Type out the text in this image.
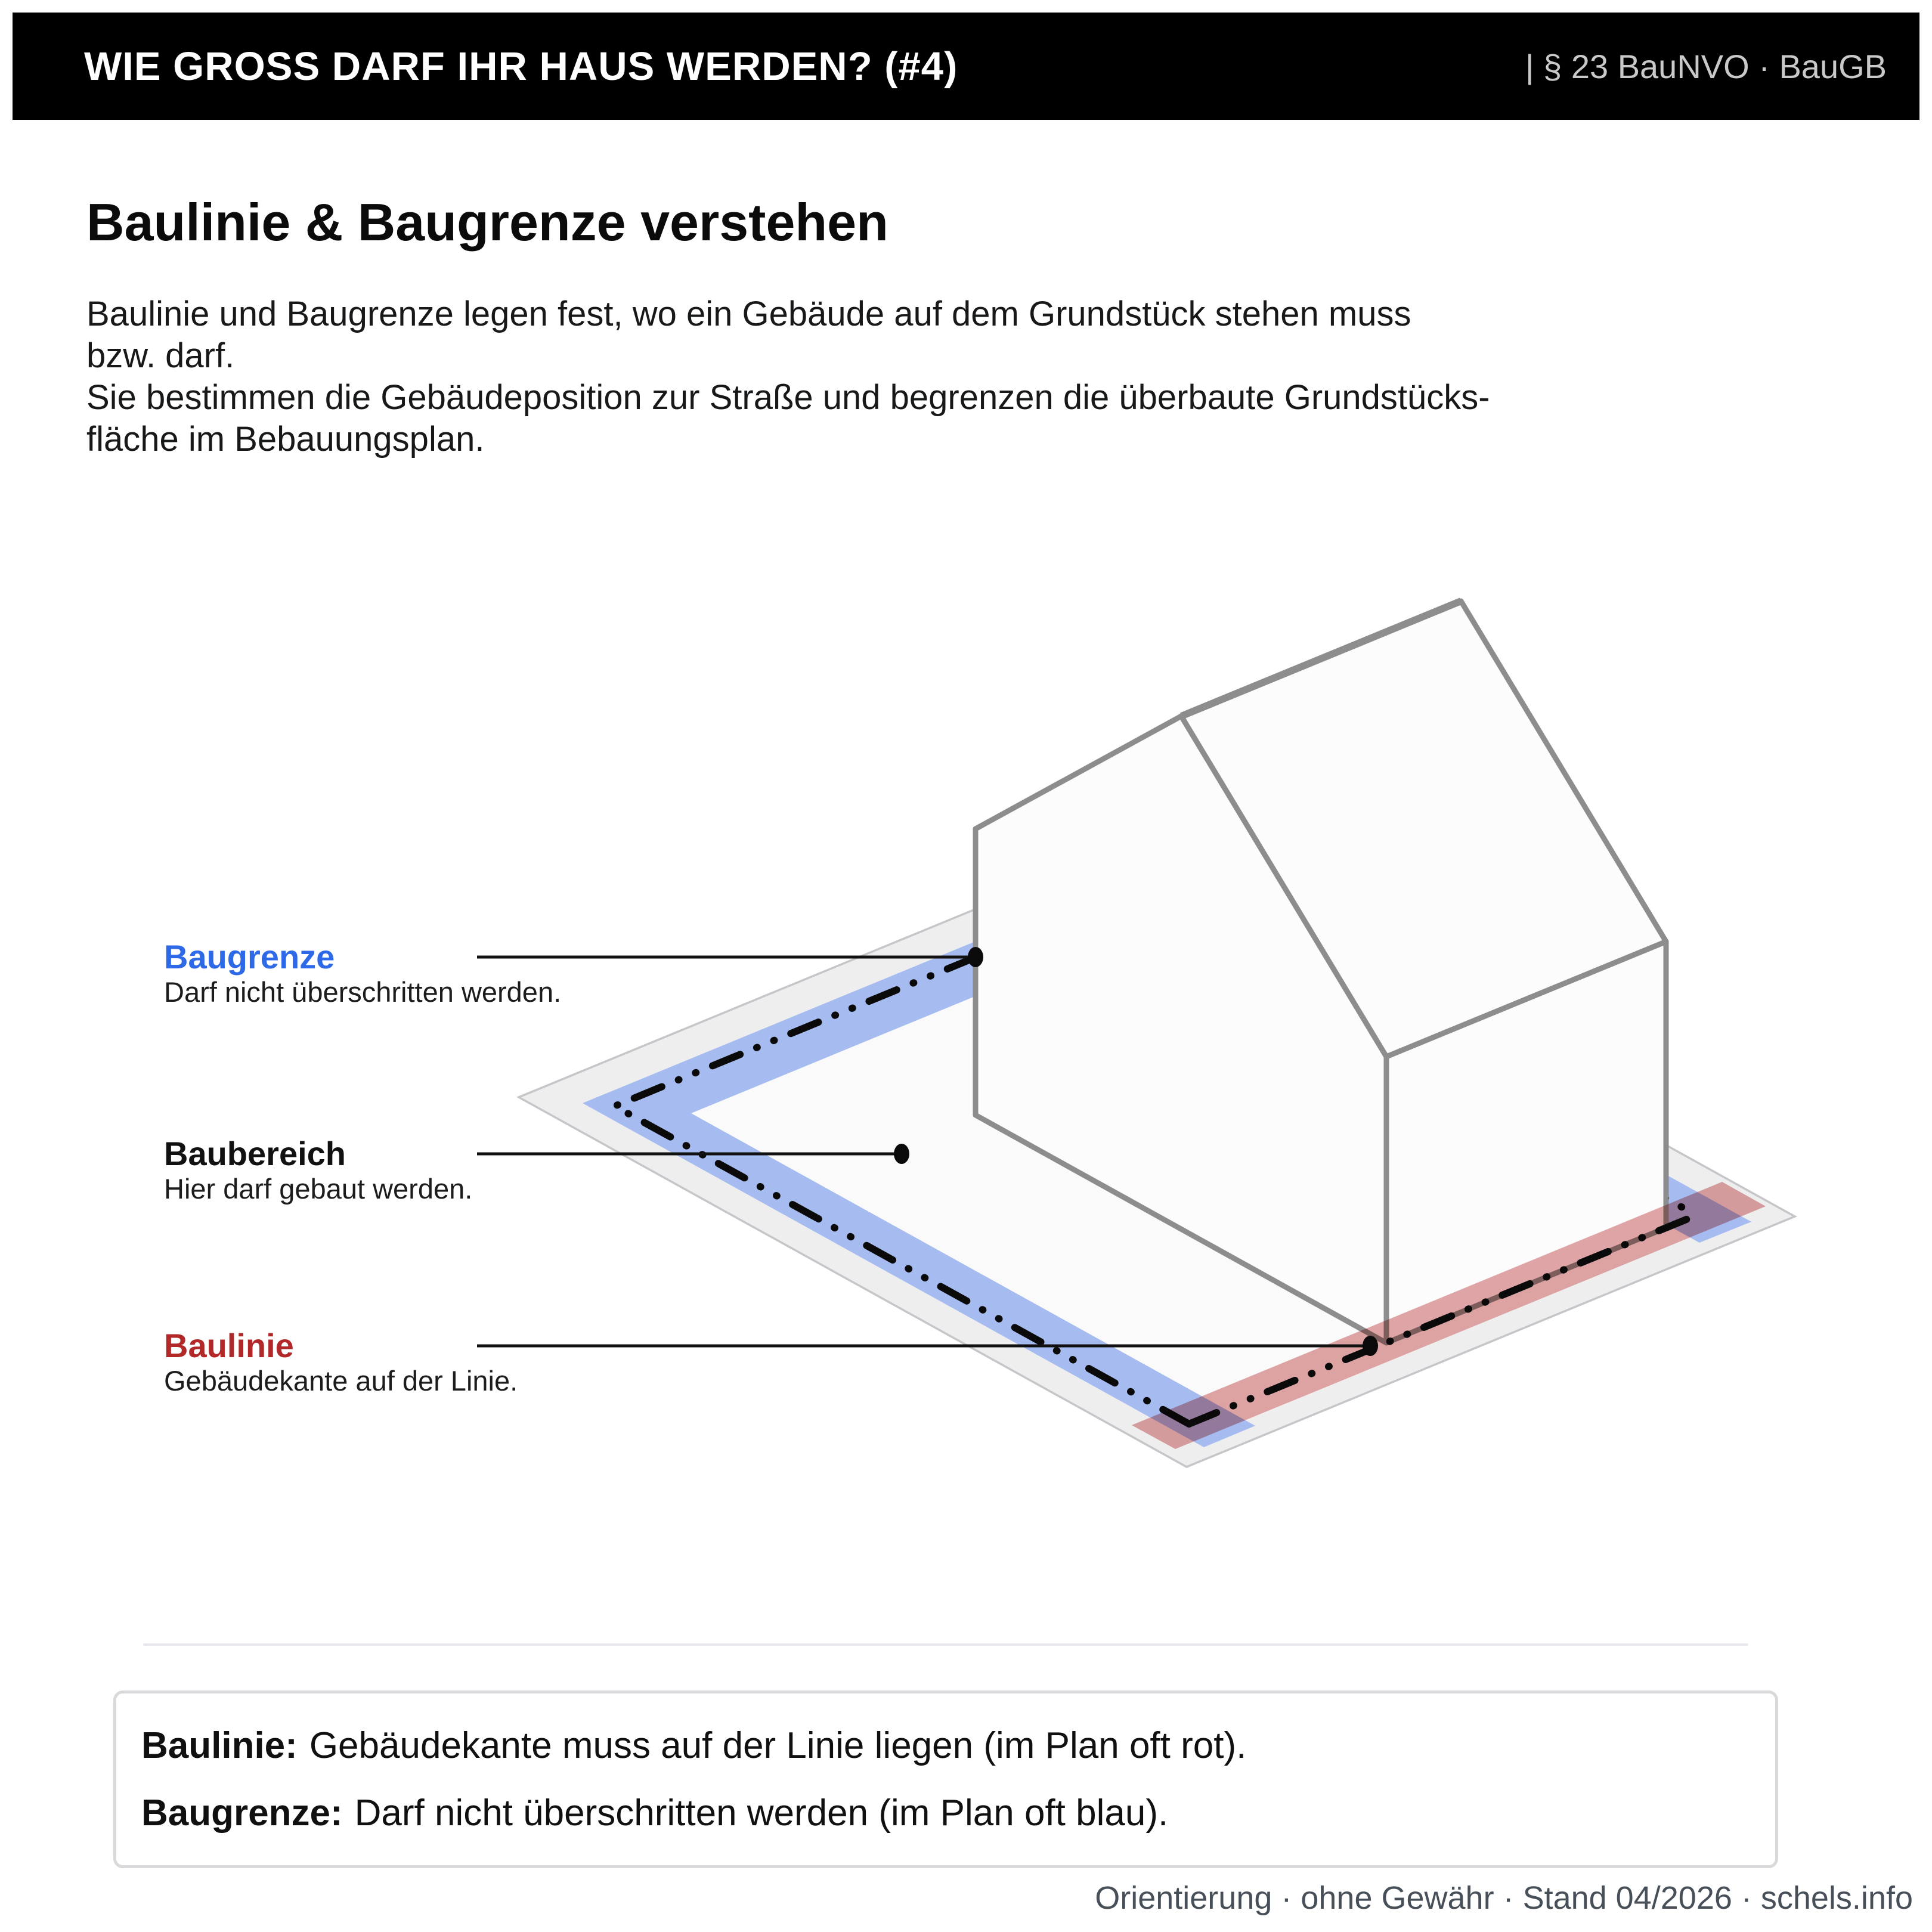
WIE GROSS DARF IHR HAUS WERDEN? (#4)	| § 23 BauNVO · BauGB
Baulinie & Baugrenze verstehen
Baulinie und Baugrenze legen fest, wo ein Gebäude auf dem Grundstück stehen muss
bzw. darf.
Sie bestimmen die Gebäudeposition zur Straße und begrenzen die überbaute Grundstücks-
fläche im Bebauungsplan.
Baugrenze
Darf nicht überschritten werden.
Baubereich
Hier darf gebaut werden.
Baulinie
Gebäudekante auf der Linie.
Baulinie: Gebäudekante muss auf der Linie liegen (im Plan oft rot).
Baugrenze: Darf nicht überschritten werden (im Plan oft blau).
Orientierung · ohne Gewähr · Stand 04/2026 · schels.info
